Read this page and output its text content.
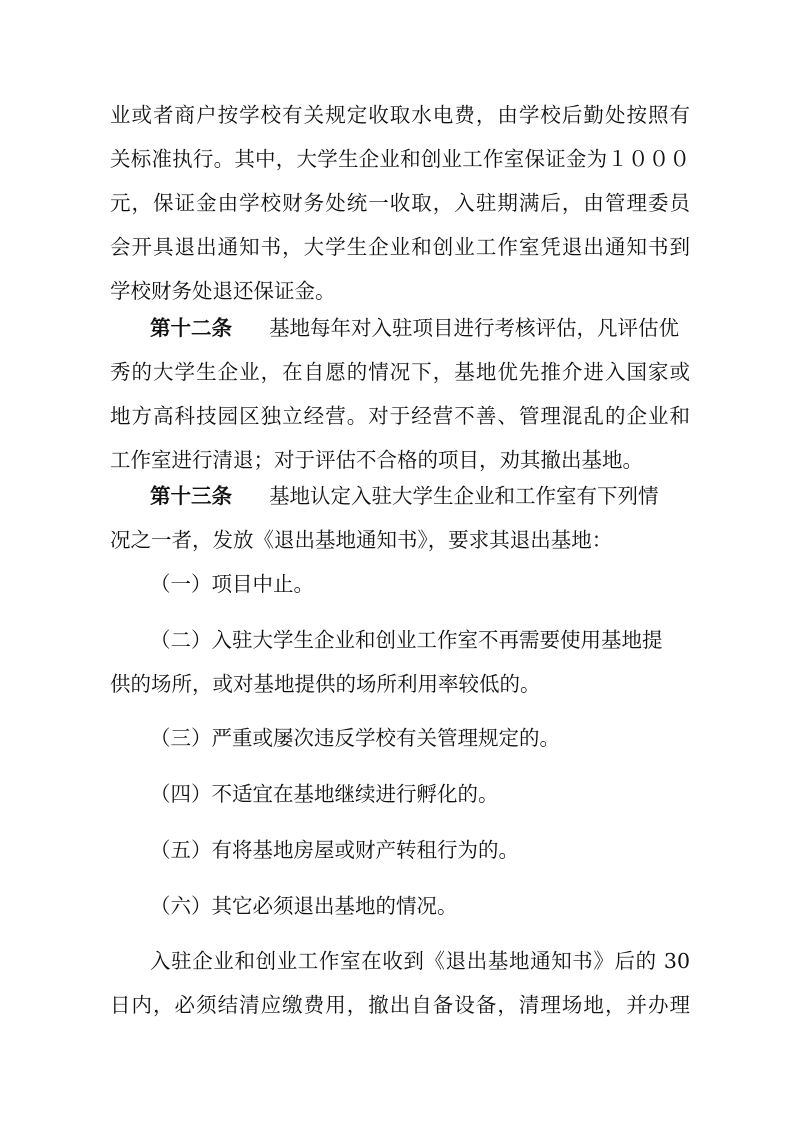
业或者商户按学校有关规定收取水电费，由学校后勤处按照有
关标准执行。其中，大学生企业和创业工作室保证金为１０００
元，保证金由学校财务处统一收取，入驻期满后，由管理委员
会开具退出通知书，大学生企业和创业工作室凭退出通知书到
学校财务处退还保证金。
第十二条 基地每年对入驻项目进行考核评估，凡评估优
秀的大学生企业，在自愿的情况下，基地优先推介进入国家或
地方高科技园区独立经营。对于经营不善、管理混乱的企业和
工作室进行清退；对于评估不合格的项目，劝其撤出基地。
第十三条 基地认定入驻大学生企业和工作室有下列情
况之一者，发放《退出基地通知书》，要求其退出基地：
（一）项目中止。
（二）入驻大学生企业和创业工作室不再需要使用基地提
供的场所，或对基地提供的场所利用率较低的。
（三）严重或屡次违反学校有关管理规定的。
（四）不适宜在基地继续进行孵化的。
（五）有将基地房屋或财产转租行为的。
（六）其它必须退出基地的情况。
入驻企业和创业工作室在收到《退出基地通知书》后的 30
日内，必须结清应缴费用，撤出自备设备，清理场地，并办理
